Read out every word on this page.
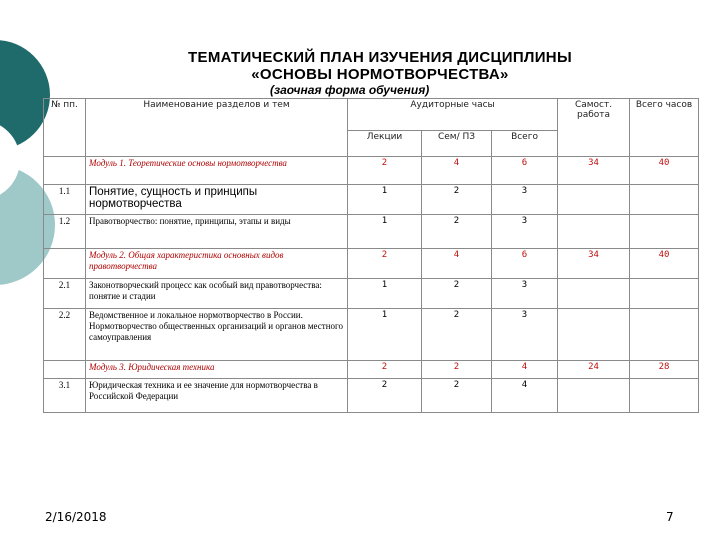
ТЕМАТИЧЕСКИЙ ПЛАН ИЗУЧЕНИЯ ДИСЦИПЛИНЫ
«ОСНОВЫ НОРМОТВОРЧЕСТВА»
(заочная форма обучения)
№ пп.	Наименование разделов и тем	Аудиторные часы			Самост. работа	Всего часов
		Лекции	Сем/ ПЗ	Всего		
	Модуль 1. Теоретические основы нормотворчества	2	4	6	34	40
1.1	Понятие, сущность и принципы нормотворчества	1	2	3		
1.2	Правотворчество: понятие, принципы, этапы и виды	1	2	3		
	Модуль 2. Общая характеристика основных видов правотворчества	2	4	6	34	40
2.1	Законотворческий процесс как особый вид правотворчества: понятие и стадии	1	2	3		
2.2	Ведомственное и локальное нормотворчество в России. Нормотворчество общественных организаций и органов местного самоуправления	1	2	3		
	Модуль 3. Юридическая техника	2	2	4	24	28
3.1	Юридическая техника и ее значение для нормотворчества в Российской Федерации	2	2	4		
2/16/2018	7
